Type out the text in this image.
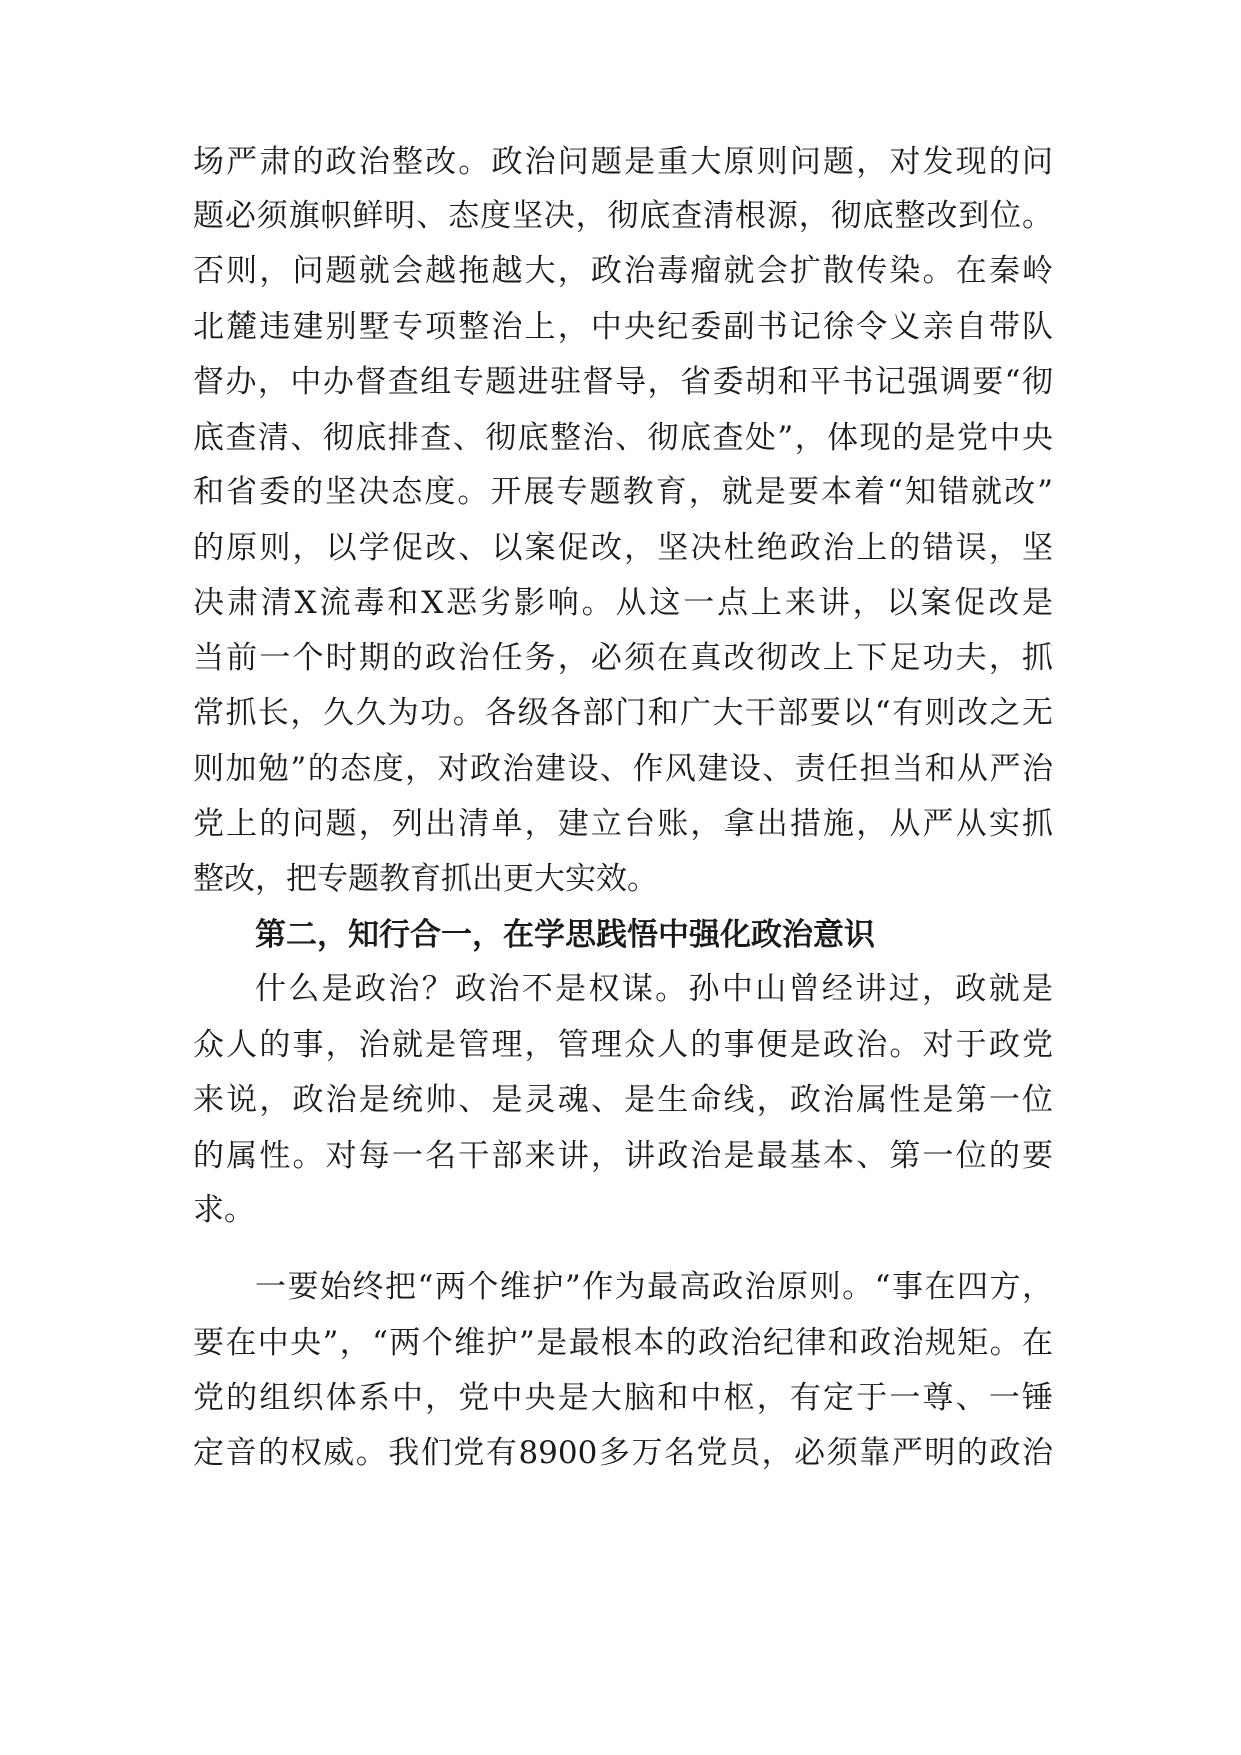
场严肃的政治整改。政治问题是重大原则问题，对发现的问
题必须旗帜鲜明、态度坚决，彻底查清根源，彻底整改到位。
否则，问题就会越拖越大，政治毒瘤就会扩散传染。在秦岭
北麓违建别墅专项整治上，中央纪委副书记徐令义亲自带队
督办，中办督查组专题进驻督导，省委胡和平书记强调要“彻
底查清、彻底排查、彻底整治、彻底查处”，体现的是党中央
和省委的坚决态度。开展专题教育，就是要本着“知错就改”
的原则，以学促改、以案促改，坚决杜绝政治上的错误，坚
决肃清X流毒和X恶劣影响。从这一点上来讲，以案促改是
当前一个时期的政治任务，必须在真改彻改上下足功夫，抓
常抓长，久久为功。各级各部门和广大干部要以“有则改之无
则加勉”的态度，对政治建设、作风建设、责任担当和从严治
党上的问题，列出清单，建立台账，拿出措施，从严从实抓
整改，把专题教育抓出更大实效。
第二，知行合一，在学思践悟中强化政治意识
什么是政治？政治不是权谋。孙中山曾经讲过，政就是
众人的事，治就是管理，管理众人的事便是政治。对于政党
来说，政治是统帅、是灵魂、是生命线，政治属性是第一位
的属性。对每一名干部来讲，讲政治是最基本、第一位的要
求。
一要始终把“两个维护”作为最高政治原则。“事在四方，
要在中央”，“两个维护”是最根本的政治纪律和政治规矩。在
党的组织体系中，党中央是大脑和中枢，有定于一尊、一锤
定音的权威。我们党有8900多万名党员，必须靠严明的政治
